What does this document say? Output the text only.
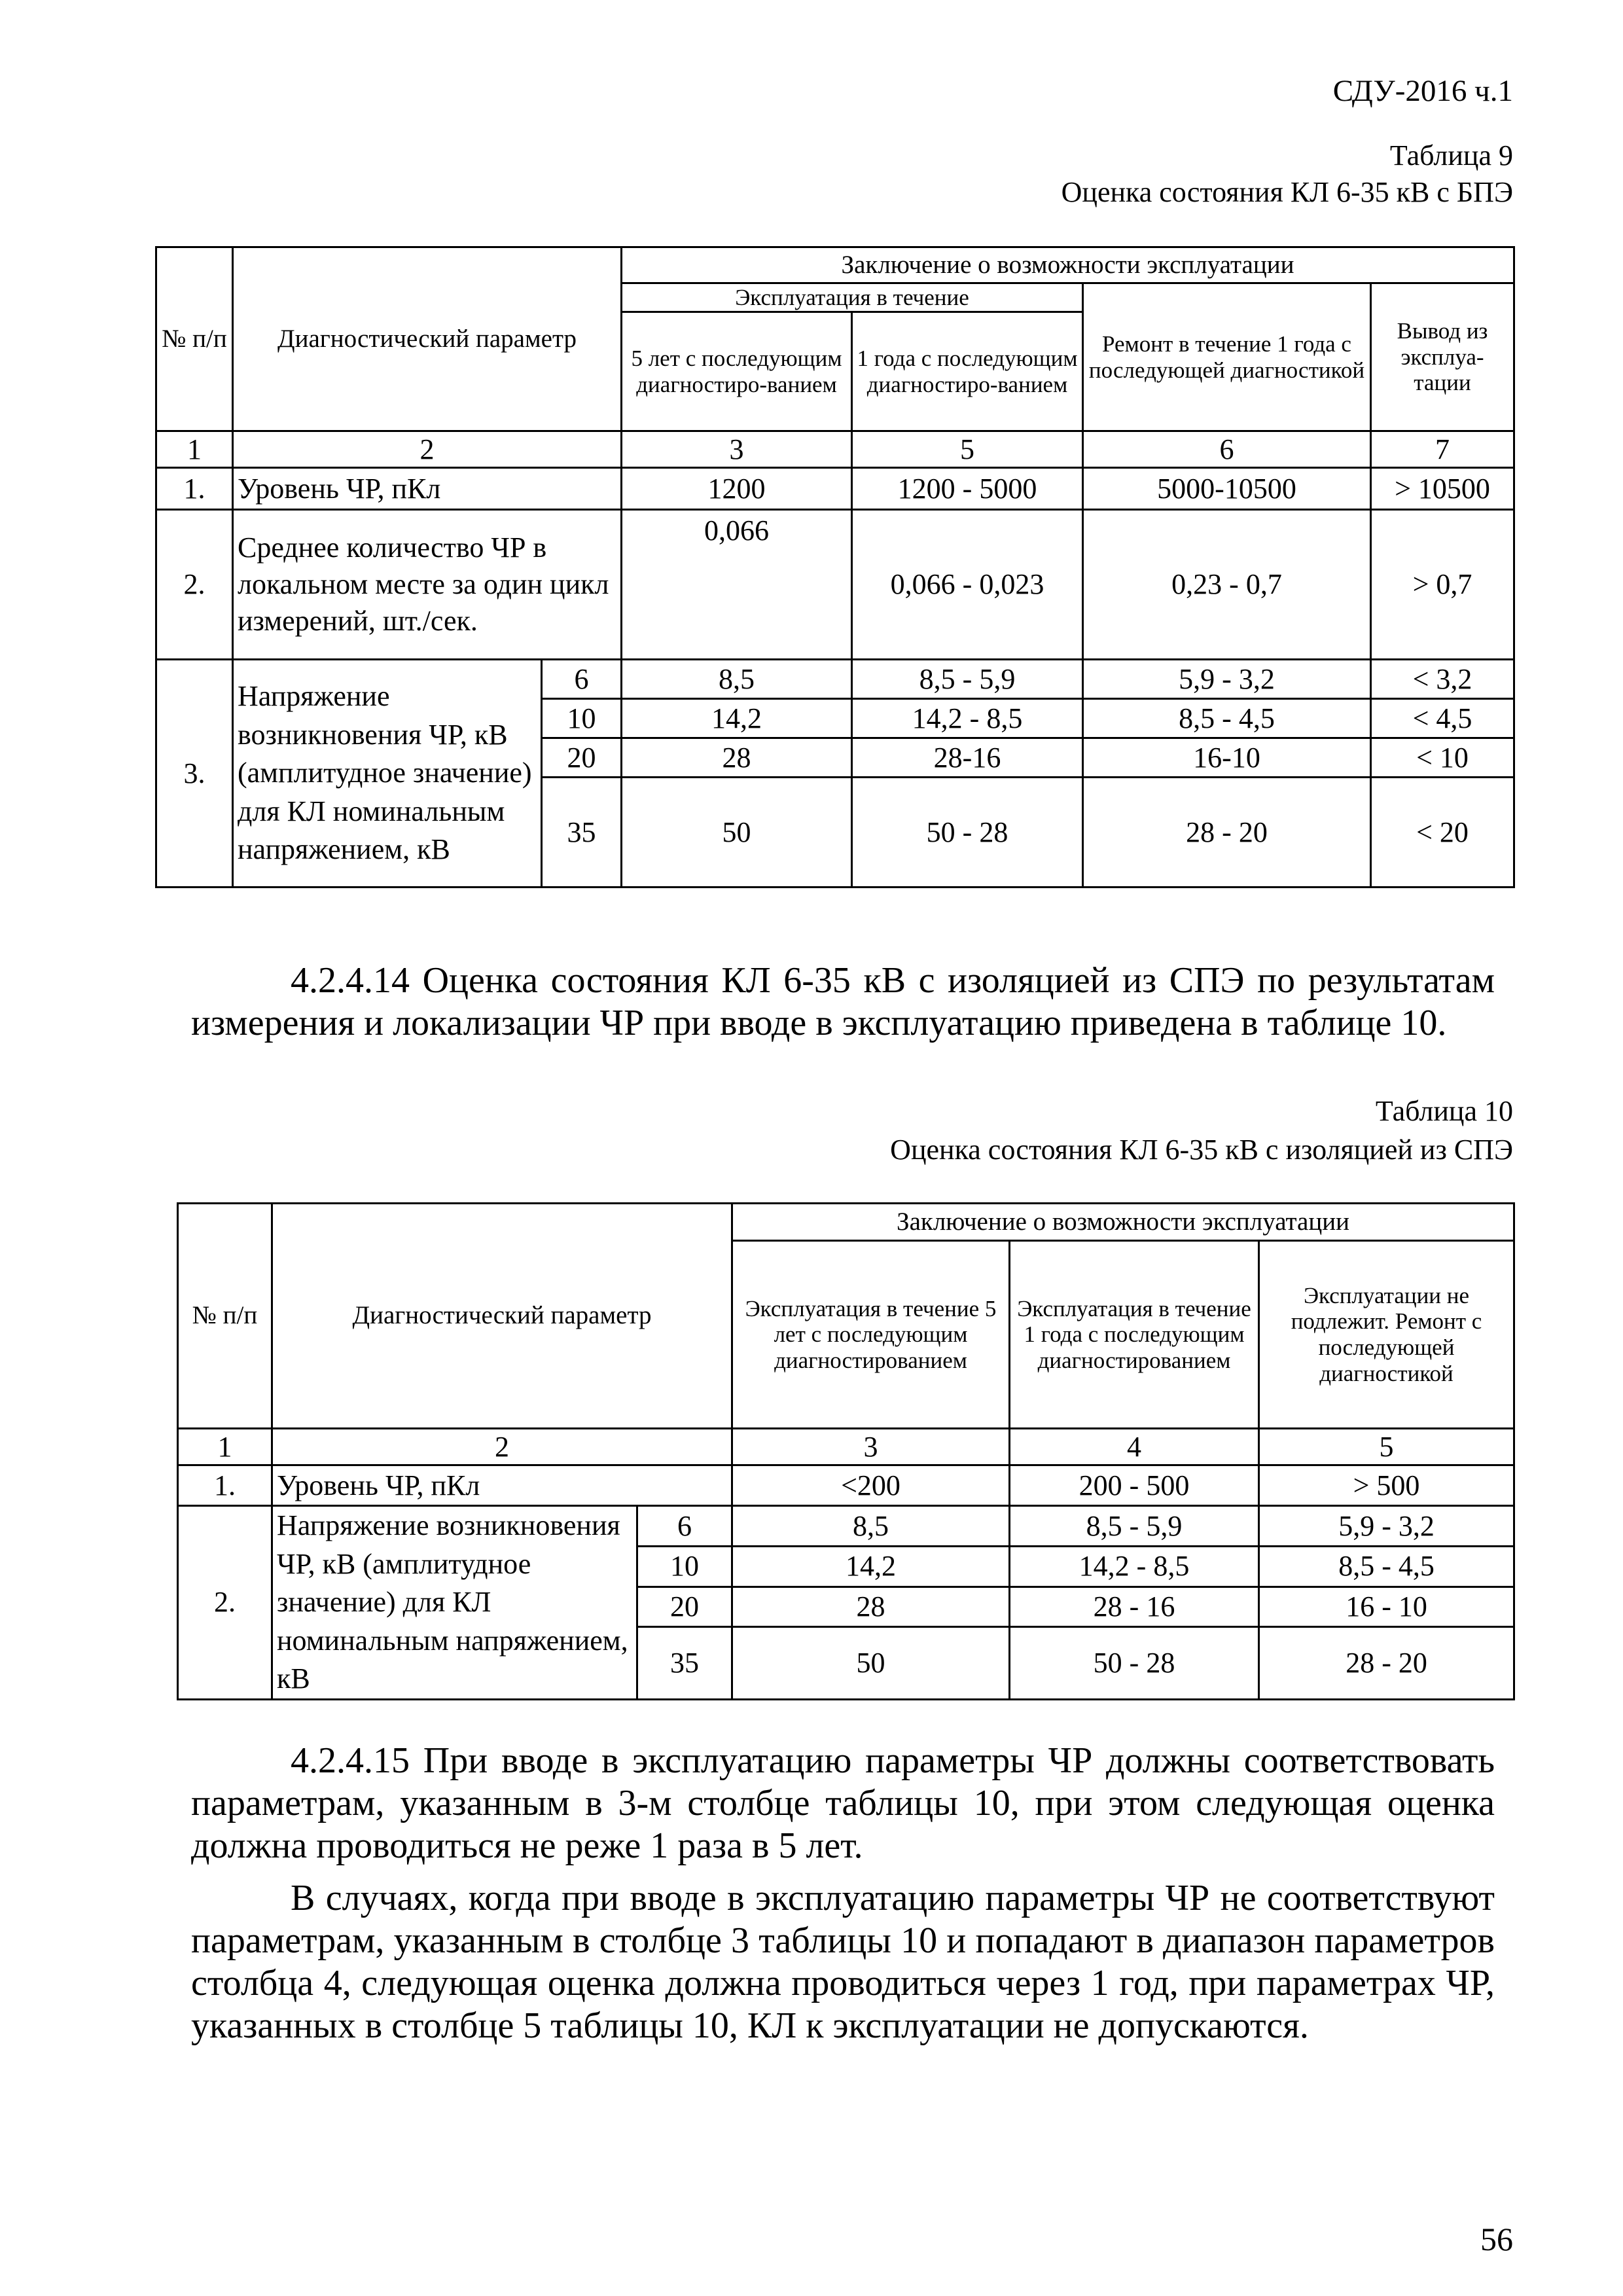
СДУ-2016 ч.1
Таблица 9
Оценка состояния КЛ 6-35 кВ с БПЭ
№ п/п	Диагностический параметр		Заключение о возможности эксплуатации			
			Эксплуатация в течение		Ремонт в течение 1 года с последующей диагностикой	Вывод из эксплуа-тации
			5 лет с последующим диагностиро-ванием	1 года с последующим диагностиро-ванием		
1	2		3	5	6	7
1.	Уровень ЧР, пКл		1200	1200 - 5000	5000-10500	> 10500
2.	Среднее количество ЧР в локальном месте за один цикл измерений, шт./сек.		0,066	0,066 - 0,023	0,23 - 0,7	> 0,7
3.	Напряжение возникновения ЧР, кВ (амплитудное значение) для КЛ номинальным напряжением, кВ	6	8,5	8,5 - 5,9	5,9 - 3,2	< 3,2
		10	14,2	14,2 - 8,5	8,5 - 4,5	< 4,5
		20	28	28-16	16-10	< 10
		35	50	50 - 28	28 - 20	< 20
4.2.4.14 Оценка состояния КЛ 6-35 кВ с изоляцией из СПЭ по результатам измерения и локализации ЧР при вводе в эксплуатацию приведена в таблице 10.
Таблица 10
Оценка состояния КЛ 6-35 кВ с изоляцией из СПЭ
№ п/п	Диагностический параметр		Заключение о возможности эксплуатации		
			Эксплуатация в течение 5 лет с последующим диагностированием	Эксплуатация в течение 1 года с последующим диагностированием	Эксплуатации не подлежит. Ремонт с последующей диагностикой
1	2		3	4	5
1.	Уровень ЧР, пКл		<200	200 - 500	> 500
2.	Напряжение возникновения ЧР, кВ (амплитудное значение) для КЛ номинальным напряжением, кВ	6	8,5	8,5 - 5,9	5,9 - 3,2
		10	14,2	14,2 - 8,5	8,5 - 4,5
		20	28	28 - 16	16 - 10
		35	50	50 - 28	28 - 20
4.2.4.15 При вводе в эксплуатацию параметры ЧР должны соответствовать параметрам, указанным в 3-м столбце таблицы 10, при этом следующая оценка должна проводиться не реже 1 раза в 5 лет.
В случаях, когда при вводе в эксплуатацию параметры ЧР не соответствуют параметрам, указанным в столбце 3 таблицы 10 и попадают в диапазон параметров столбца 4, следующая оценка должна проводиться через 1 год, при параметрах ЧР, указанных в столбце 5 таблицы 10, КЛ к эксплуатации не допускаются.
56
